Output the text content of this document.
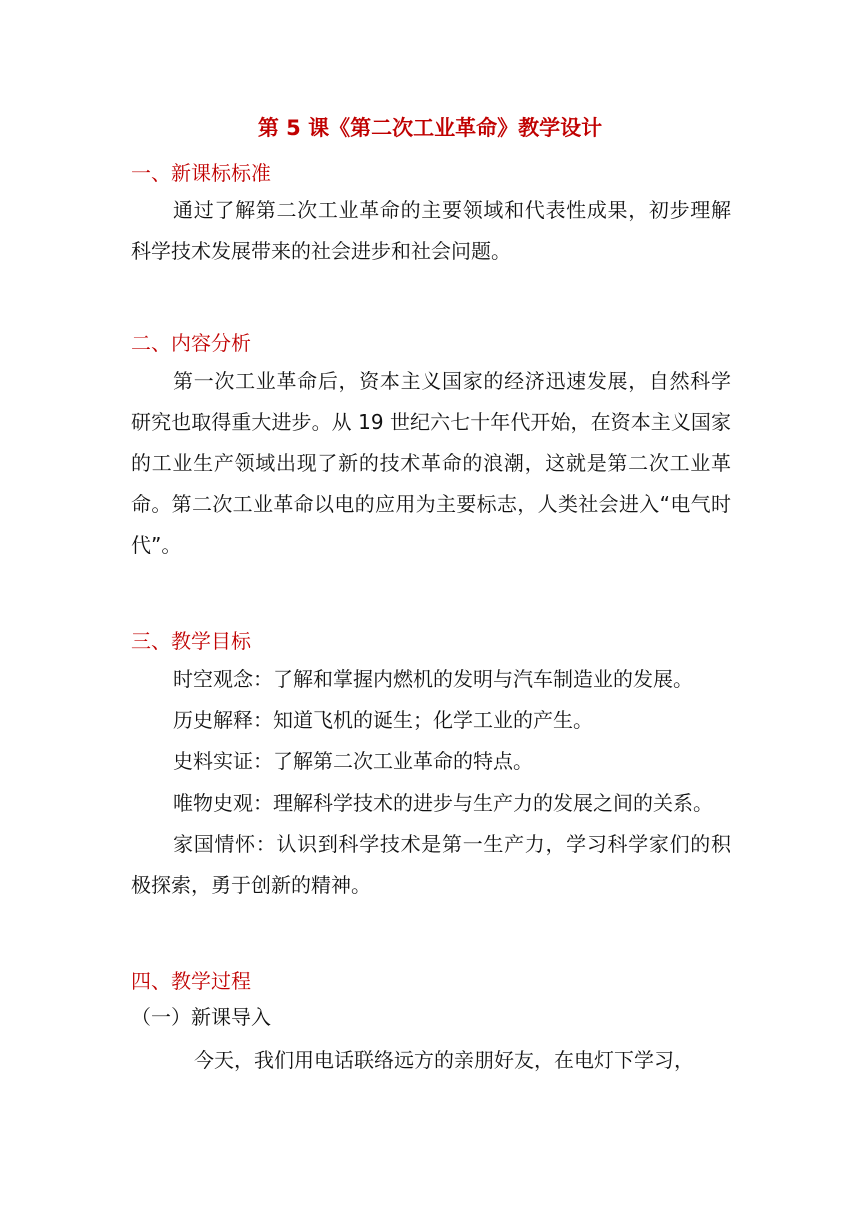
第 5 课《第二次工业革命》教学设计
一、新课标标准
通过了解第二次工业革命的主要领域和代表性成果，初步理解科学技术发展带来的社会进步和社会问题。
二、内容分析
第一次工业革命后，资本主义国家的经济迅速发展，自然科学研究也取得重大进步。从 19 世纪六七十年代开始，在资本主义国家的工业生产领域出现了新的技术革命的浪潮，这就是第二次工业革命。第二次工业革命以电的应用为主要标志，人类社会进入“电气时代”。
三、教学目标
时空观念：了解和掌握内燃机的发明与汽车制造业的发展。
历史解释：知道飞机的诞生；化学工业的产生。
史料实证：了解第二次工业革命的特点。
唯物史观：理解科学技术的进步与生产力的发展之间的关系。
家国情怀：认识到科学技术是第一生产力，学习科学家们的积极探索，勇于创新的精神。
四、教学过程
（一）新课导入
今天，我们用电话联络远方的亲朋好友，在电灯下学习，
